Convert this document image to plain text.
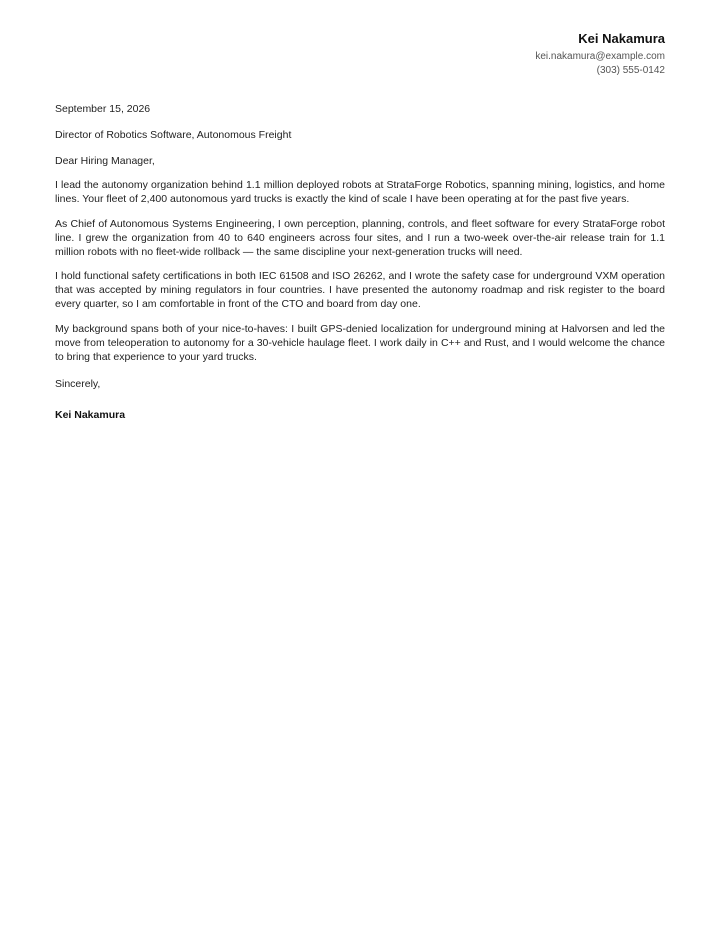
Kei Nakamura
kei.nakamura@example.com
(303) 555-0142
September 15, 2026
Director of Robotics Software, Autonomous Freight
Dear Hiring Manager,

I lead the autonomy organization behind 1.1 million deployed robots at StrataForge Robotics, spanning mining, logistics, and home lines. Your fleet of 2,400 autonomous yard trucks is exactly the kind of scale I have been operating at for the past five years.

As Chief of Autonomous Systems Engineering, I own perception, planning, controls, and fleet software for every StrataForge robot line. I grew the organization from 40 to 640 engineers across four sites, and I run a two-week over-the-air release train for 1.1 million robots with no fleet-wide rollback — the same discipline your next-generation trucks will need.

I hold functional safety certifications in both IEC 61508 and ISO 26262, and I wrote the safety case for underground VXM operation that was accepted by mining regulators in four countries. I have presented the autonomy roadmap and risk register to the board every quarter, so I am comfortable in front of the CTO and board from day one.

My background spans both of your nice-to-haves: I built GPS-denied localization for underground mining at Halvorsen and led the move from teleoperation to autonomy for a 30-vehicle haulage fleet. I work daily in C++ and Rust, and I would welcome the chance to bring that experience to your yard trucks.

Sincerely,
Kei Nakamura
